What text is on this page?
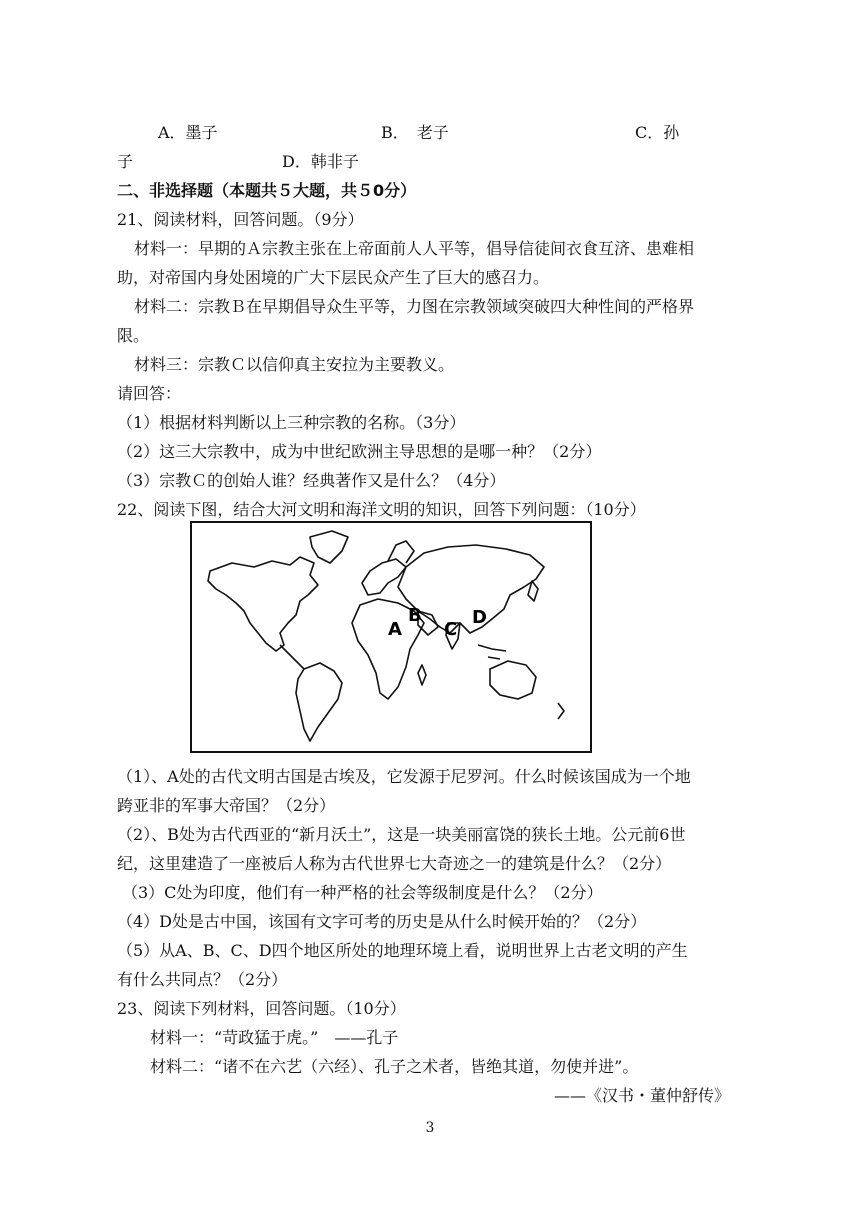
A．墨子	B．　老子	C．孙
子	D．韩非子
二、非选择题（本题共５大题，共５0分）
21、阅读材料，回答问题。（9分）
材料一：早期的Ａ宗教主张在上帝面前人人平等，倡导信徒间衣食互济、患难相
助，对帝国内身处困境的广大下层民众产生了巨大的感召力。
材料二：宗教Ｂ在早期倡导众生平等，力图在宗教领域突破四大种性间的严格界
限。
材料三：宗教Ｃ以信仰真主安拉为主要教义。
请回答：
（1）根据材料判断以上三种宗教的名称。（3分）
（2）这三大宗教中，成为中世纪欧洲主导思想的是哪一种？（2分）
（3）宗教Ｃ的创始人谁？经典著作又是什么？（4分）
22、阅读下图，结合大河文明和海洋文明的知识，回答下列问题：（10分）
A
B
C
D
（1）、A处的古代文明古国是古埃及，它发源于尼罗河。什么时候该国成为一个地
跨亚非的军事大帝国？（2分）
（2）、B处为古代西亚的“新月沃土”，这是一块美丽富饶的狭长土地。公元前6世
纪，这里建造了一座被后人称为古代世界七大奇迹之一的建筑是什么？（2分）
（3）C处为印度，他们有一种严格的社会等级制度是什么？（2分）
（4）D处是古中国，该国有文字可考的历史是从什么时候开始的？（2分）
（5）从A、B、C、D四个地区所处的地理环境上看，说明世界上古老文明的产生
有什么共同点？（2分）
23、阅读下列材料，回答问题。（10分）
材料一：“苛政猛于虎。”　——孔子
材料二：“诸不在六艺（六经）、孔子之术者，皆绝其道，勿使并进”。
——《汉书・董仲舒传》
3
